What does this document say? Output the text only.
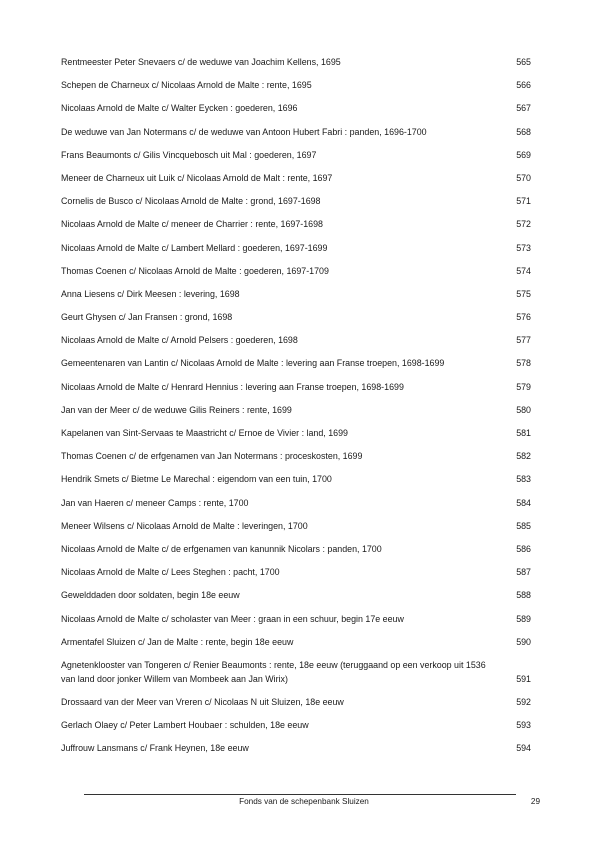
Rentmeester Peter Snevaers c/ de weduwe van Joachim Kellens, 1695	565
Schepen de Charneux c/ Nicolaas Arnold de Malte : rente, 1695	566
Nicolaas Arnold de Malte c/ Walter Eycken : goederen, 1696	567
De weduwe van Jan Notermans c/ de weduwe van Antoon Hubert Fabri : panden, 1696-1700	568
Frans Beaumonts c/ Gilis Vincquebosch uit Mal : goederen, 1697	569
Meneer de Charneux uit Luik c/ Nicolaas Arnold de Malt : rente, 1697	570
Cornelis de Busco c/ Nicolaas Arnold de Malte : grond, 1697-1698	571
Nicolaas Arnold de Malte c/ meneer de Charrier : rente, 1697-1698	572
Nicolaas Arnold de Malte c/ Lambert Mellard : goederen, 1697-1699	573
Thomas Coenen c/ Nicolaas Arnold de Malte : goederen, 1697-1709	574
Anna Liesens c/ Dirk Meesen : levering, 1698	575
Geurt Ghysen c/ Jan Fransen : grond, 1698	576
Nicolaas Arnold de Malte c/ Arnold Pelsers : goederen, 1698	577
Gemeentenaren van Lantin c/ Nicolaas Arnold de Malte : levering aan Franse troepen, 1698-1699	578
Nicolaas Arnold de Malte c/ Henrard Hennius : levering aan Franse troepen, 1698-1699	579
Jan van der Meer c/ de weduwe Gilis Reiners : rente, 1699	580
Kapelanen van Sint-Servaas te Maastricht c/ Ernoe de Vivier : land, 1699	581
Thomas Coenen c/ de erfgenamen van Jan Notermans : proceskosten, 1699	582
Hendrik Smets c/ Bietme Le Marechal : eigendom van een tuin, 1700	583
Jan van Haeren c/ meneer Camps : rente, 1700	584
Meneer Wilsens c/ Nicolaas Arnold de Malte : leveringen, 1700	585
Nicolaas Arnold de Malte c/ de erfgenamen van kanunnik Nicolars : panden, 1700	586
Nicolaas Arnold de Malte c/ Lees Steghen : pacht, 1700	587
Gewelddaden door soldaten, begin 18e eeuw	588
Nicolaas Arnold de Malte c/ scholaster van Meer : graan in een schuur, begin 17e eeuw	589
Armentafel Sluizen c/ Jan de Malte : rente, begin 18e eeuw	590
Agnetenklooster van Tongeren c/ Renier Beaumonts : rente, 18e eeuw (teruggaand op een verkoop uit 1536 van land door jonker Willem van Mombeek aan Jan Wirix)	591
Drossaard van der Meer van Vreren c/ Nicolaas N uit Sluizen, 18e eeuw	592
Gerlach Olaey c/ Peter Lambert Houbaer : schulden, 18e eeuw	593
Juffrouw Lansmans c/ Frank Heynen, 18e eeuw	594
Fonds van de schepenbank Sluizen	29
